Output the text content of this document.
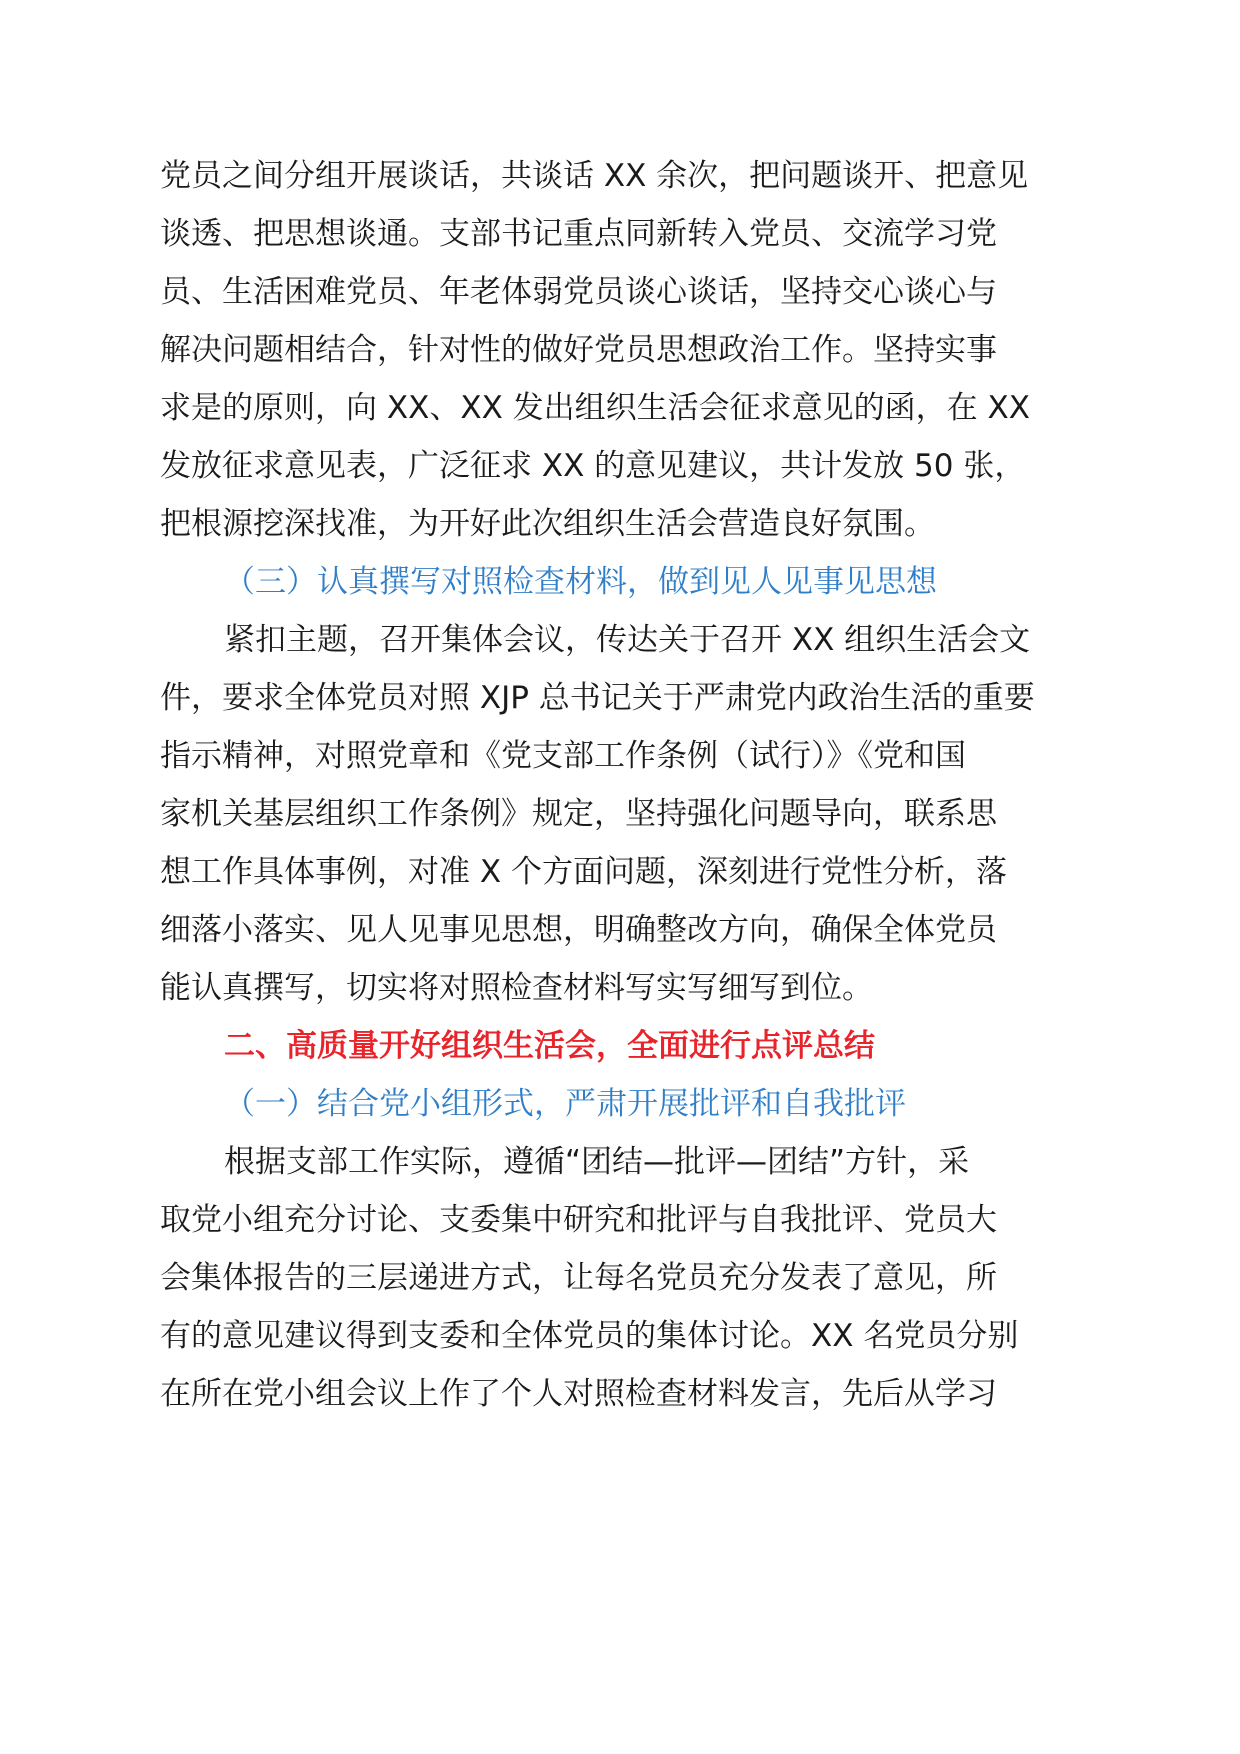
党员之间分组开展谈话，共谈话 XX 余次，把问题谈开、把意见

谈透、把思想谈通。支部书记重点同新转入党员、交流学习党

员、生活困难党员、年老体弱党员谈心谈话，坚持交心谈心与

解决问题相结合，针对性的做好党员思想政治工作。坚持实事

求是的原则，向 XX、XX 发出组织生活会征求意见的函，在 XX

发放征求意见表，广泛征求 XX 的意见建议，共计发放 50 张，

把根源挖深找准，为开好此次组织生活会营造良好氛围。

（三）认真撰写对照检查材料，做到见人见事见思想

紧扣主题，召开集体会议，传达关于召开 XX 组织生活会文

件，要求全体党员对照 XJP 总书记关于严肃党内政治生活的重要

指示精神，对照党章和《党支部工作条例（试行）》《党和国

家机关基层组织工作条例》规定，坚持强化问题导向，联系思

想工作具体事例，对准 X 个方面问题，深刻进行党性分析，落

细落小落实、见人见事见思想，明确整改方向，确保全体党员

能认真撰写，切实将对照检查材料写实写细写到位。

二、高质量开好组织生活会，全面进行点评总结

（一）结合党小组形式，严肃开展批评和自我批评

根据支部工作实际，遵循“团结—批评—团结”方针，采

取党小组充分讨论、支委集中研究和批评与自我批评、党员大

会集体报告的三层递进方式，让每名党员充分发表了意见，所

有的意见建议得到支委和全体党员的集体讨论。XX 名党员分别

在所在党小组会议上作了个人对照检查材料发言，先后从学习
